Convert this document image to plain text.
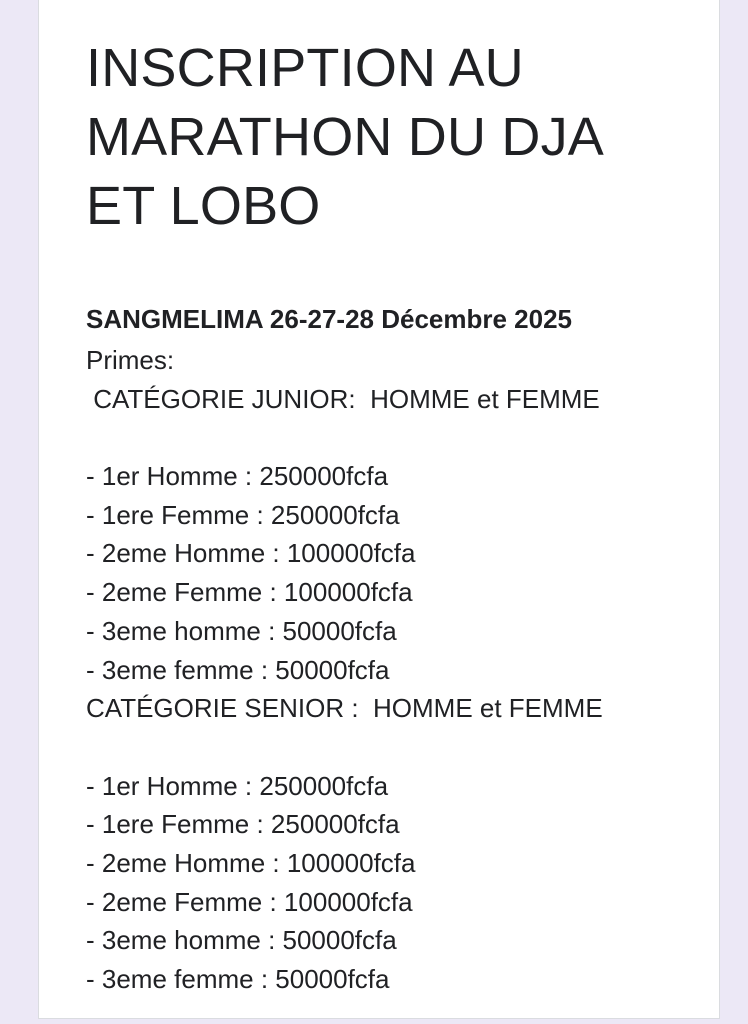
INSCRIPTION AU
MARATHON DU DJA
ET LOBO
SANGMELIMA 26-27-28 Décembre 2025
Primes:
CATÉGORIE JUNIOR:  HOMME et FEMME
- 1er Homme : 250000fcfa
- 1ere Femme : 250000fcfa
- 2eme Homme : 100000fcfa
- 2eme Femme : 100000fcfa
- 3eme homme : 50000fcfa
- 3eme femme : 50000fcfa
CATÉGORIE SENIOR :  HOMME et FEMME
- 1er Homme : 250000fcfa
- 1ere Femme : 250000fcfa
- 2eme Homme : 100000fcfa
- 2eme Femme : 100000fcfa
- 3eme homme : 50000fcfa
- 3eme femme : 50000fcfa
